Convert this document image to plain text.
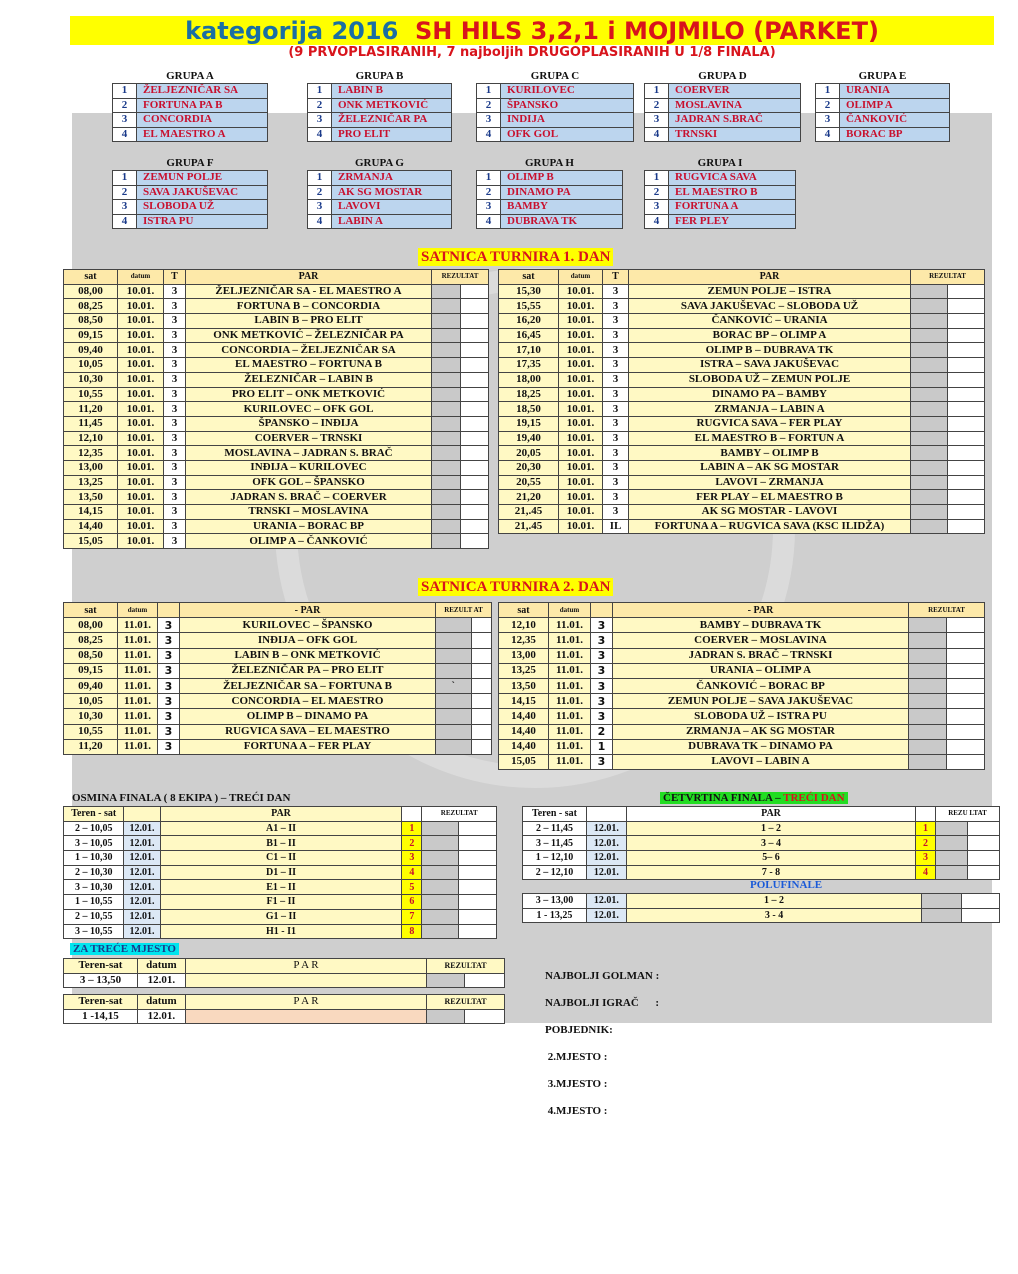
kategorija 2016 SH HILS 3,2,1 i MOJMILO (PARKET)
(9 PRVOPLASIRANIH, 7 najboljih DRUGOPLASIRANIH U 1/8 FINALA)
GRUPA A
1	ŽELJEZNIČAR SA
2	FORTUNA PA B
3	CONCORDIA
4	EL MAESTRO A
GRUPA B
1	LABIN B
2	ONK METKOVIĆ
3	ŽELEZNIČAR PA
4	PRO ELIT
GRUPA C
1	KURILOVEC
2	ŠPANSKO
3	INDIJA
4	OFK GOL
GRUPA D
1	COERVER
2	MOSLAVINA
3	JADRAN S.BRAČ
4	TRNSKI
GRUPA E
1	URANIA
2	OLIMP A
3	ČANKOVIĆ
4	BORAC BP
GRUPA F
1	ZEMUN POLJE
2	SAVA JAKUŠEVAC
3	SLOBODA UŽ
4	ISTRA PU
GRUPA G
1	ZRMANJA
2	AK SG MOSTAR
3	LAVOVI
4	LABIN A
GRUPA H
1	OLIMP B
2	DINAMO PA
3	BAMBY
4	DUBRAVA TK
GRUPA I
1	RUGVICA SAVA
2	EL MAESTRO B
3	FORTUNA A
4	FER PLEY
SATNICA TURNIRA 1. DAN
sat	datum	T	PAR	REZULTAT	
08,00	10.01.	3	ŽELJEZNIČAR SA - EL MAESTRO A		
08,25	10.01.	3	FORTUNA B – CONCORDIA		
08,50	10.01.	3	LABIN B – PRO ELIT		
09,15	10.01.	3	ONK METKOVIĆ – ŽELEZNIČAR PA		
09,40	10.01.	3	CONCORDIA – ŽELJEZNIČAR SA		
10,05	10.01.	3	EL MAESTRO – FORTUNA B		
10,30	10.01.	3	ŽELEZNIČAR – LABIN B		
10,55	10.01.	3	PRO ELIT – ONK METKOVIĆ		
11,20	10.01.	3	KURILOVEC – OFK GOL		
11,45	10.01.	3	ŠPANSKO – INĐIJA		
12,10	10.01.	3	COERVER – TRNSKI		
12,35	10.01.	3	MOSLAVINA – JADRAN S. BRAČ		
13,00	10.01.	3	INĐIJA – KURILOVEC		
13,25	10.01.	3	OFK GOL – ŠPANSKO		
13,50	10.01.	3	JADRAN S. BRAČ – COERVER		
14,15	10.01.	3	TRNSKI – MOSLAVINA		
14,40	10.01.	3	URANIA – BORAC BP		
15,05	10.01.	3	OLIMP A – ČANKOVIĆ		
sat	datum	T	PAR	REZULTAT	
15,30	10.01.	3	ZEMUN POLJE – ISTRA		
15,55	10.01.	3	SAVA JAKUŠEVAC – SLOBODA UŽ		
16,20	10.01.	3	ČANKOVIĆ – URANIA		
16,45	10.01.	3	BORAC BP – OLIMP A		
17,10	10.01.	3	OLIMP B – DUBRAVA TK		
17,35	10.01.	3	ISTRA – SAVA JAKUŠEVAC		
18,00	10.01.	3	SLOBODA UŽ – ZEMUN POLJE		
18,25	10.01.	3	DINAMO PA – BAMBY		
18,50	10.01.	3	ZRMANJA – LABIN A		
19,15	10.01.	3	RUGVICA SAVA – FER PLAY		
19,40	10.01.	3	EL MAESTRO B – FORTUN A		
20,05	10.01.	3	BAMBY – OLIMP B		
20,30	10.01.	3	LABIN A – AK SG MOSTAR		
20,55	10.01.	3	LAVOVI – ZRMANJA		
21,20	10.01.	3	FER PLAY – EL MAESTRO B		
21,.45	10.01.	3	AK SG MOSTAR - LAVOVI		
21,.45	10.01.	IL	FORTUNA A – RUGVICA SAVA (KSC ILIDŽA)		
SATNICA TURNIRA 2. DAN
sat	datum		- PAR	REZULT AT	
08,00	11.01.	3	KURILOVEC – ŠPANSKO		
08,25	11.01.	3	INĐIJA – OFK GOL		
08,50	11.01.	3	LABIN B – ONK METKOVIĆ		
09,15	11.01.	3	ŽELEZNIČAR PA – PRO ELIT		
09,40	11.01.	3	ŽELJEZNIČAR SA – FORTUNA B	`	
10,05	11.01.	3	CONCORDIA – EL MAESTRO		
10,30	11.01.	3	OLIMP B – DINAMO PA		
10,55	11.01.	3	RUGVICA SAVA – EL MAESTRO		
11,20	11.01.	3	FORTUNA A – FER PLAY		
sat	datum		- PAR	REZULTAT	
12,10	11.01.	3	BAMBY – DUBRAVA TK		
12,35	11.01.	3	COERVER – MOSLAVINA		
13,00	11.01.	3	JADRAN S. BRAČ – TRNSKI		
13,25	11.01.	3	URANIA – OLIMP A		
13,50	11.01.	3	ČANKOVIĆ – BORAC BP		
14,15	11.01.	3	ZEMUN POLJE – SAVA JAKUŠEVAC		
14,40	11.01.	3	SLOBODA UŽ – ISTRA PU		
14,40	11.01.	2	ZRMANJA – AK SG MOSTAR		
14,40	11.01.	1	DUBRAVA TK – DINAMO PA		
15,05	11.01.	3	LAVOVI – LABIN A		
OSMINA FINALA ( 8 EKIPA ) – TREĆI DAN
Teren - sat		PAR		REZULTAT	
2 – 10,05	12.01.	A1 – II	1		
3 – 10,05	12.01.	B1 – II	2		
1 – 10,30	12.01.	C1 – II	3		
2 – 10,30	12.01.	D1 – II	4		
3 – 10,30	12.01.	E1 – II	5		
1 – 10,55	12.01.	F1 – II	6		
2 – 10,55	12.01.	G1 – II	7		
3 – 10,55	12.01.	H1 - I1	8		
ČETVRTINA FINALA – TREĆI DAN
Teren - sat		PAR		REZU LTAT	
2 – 11,45	12.01.	1 – 2	1		
3 – 11,45	12.01.	3 – 4	2		
1 – 12,10	12.01.	5– 6	3		
2 – 12,10	12.01.	7 - 8	4		
POLUFINALE
3 – 13,00	12.01.	1 – 2		
1 - 13,25	12.01.	3 - 4		
ZA TREĆE MJESTO
Teren-sat	datum	P A R	REZULTAT	
3 – 13,50	12.01.			
Teren-sat	datum	P A R	REZULTAT	
1 -14,15	12.01.			

NAJBOLJI GOLMAN :

NAJBOLJI IGRAČ      :

POBJEDNIK:

2.MJESTO :

3.MJESTO :

4.MJESTO :
